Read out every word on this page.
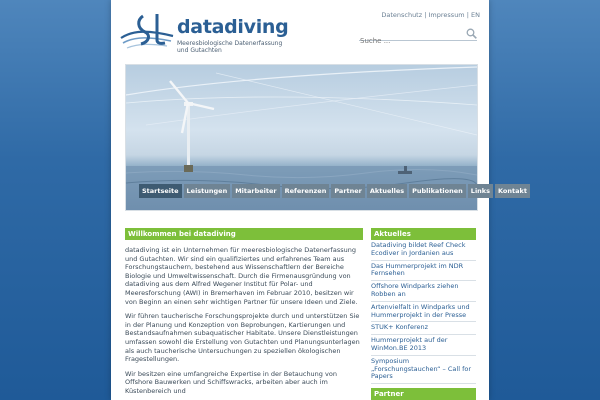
datadiving
Meeresbiologische Datenerfassung und Gutachten
Datenschutz | Impressum | EN
Suche ...
Startseite	Leistungen	Mitarbeiter	Referenzen	Partner	Aktuelles	Publikationen	Links	Kontakt
Willkommen bei datadiving

datadiving ist ein Unternehmen für meeresbiologische Datenerfassung und Gutachten. Wir sind ein qualifiziertes und erfahrenes Team aus Forschungstauchern, bestehend aus Wissenschaftlern der Bereiche Biologie und Umweltwissenschaft. Durch die Firmenausgründung von datadiving aus dem Alfred Wegener Institut für Polar- und Meeresforschung (AWI) in Bremerhaven im Februar 2010, besitzen wir von Beginn an einen sehr wichtigen Partner für unsere Ideen und Ziele.

Wir führen taucherische Forschungsprojekte durch und unterstützen Sie in der Planung und Konzeption von Beprobungen, Kartierungen und Bestandsaufnahmen subaquatischer Habitate. Unsere Dienstleistungen umfassen sowohl die Erstellung von Gutachten und Planungsunterlagen als auch taucherische Untersuchungen zu speziellen ökologischen Fragestellungen.

Wir besitzen eine umfangreiche Expertise in der Betauchung von Offshore Bauwerken und Schiffswracks, arbeiten aber auch im Küstenbereich und

Aktuelles
Datadiving bildet Reef Check Ecodiver in Jordanien aus
Das Hummerprojekt im NDR Fernsehen
Offshore Windparks ziehen Robben an
Artenvielfalt in Windparks und Hummerprojekt in der Presse
STUK+ Konferenz
Hummerprojekt auf der WinMon.BE 2013
Symposium „Forschungstauchen“ – Call for Papers
Partner
